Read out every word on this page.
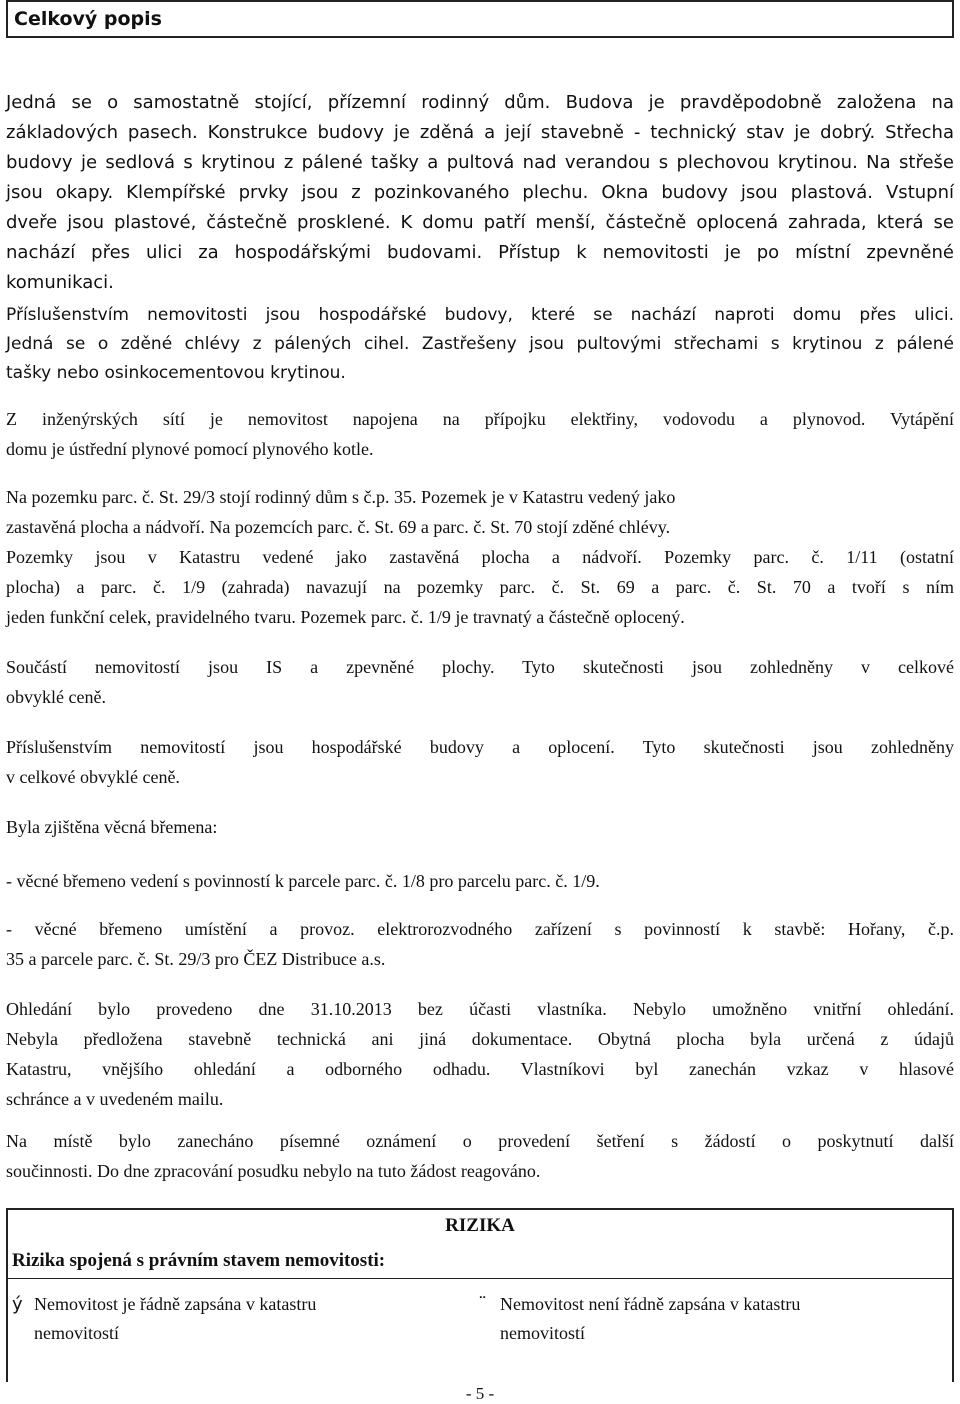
Celkový popis
Jedná se o samostatně stojící, přízemní rodinný dům. Budova je pravděpodobně založena na
základových pasech. Konstrukce budovy je zděná a její stavebně - technický stav je dobrý. Střecha
budovy je sedlová s krytinou z pálené tašky a pultová nad verandou s plechovou krytinou. Na střeše
jsou okapy. Klempířské prvky jsou z pozinkovaného plechu. Okna budovy jsou plastová. Vstupní
dveře jsou plastové, částečně prosklené. K domu patří menší, částečně oplocená zahrada, která se
nachází přes ulici za hospodářskými budovami. Přístup k nemovitosti je po místní zpevněné
komunikaci.
Příslušenstvím nemovitosti jsou hospodářské budovy, které se nachází naproti domu přes ulici.
Jedná se o zděné chlévy z pálených cihel. Zastřešeny jsou pultovými střechami s krytinou z pálené
tašky nebo osinkocementovou krytinou.
Z inženýrských sítí je nemovitost napojena na přípojku elektřiny, vodovodu a plynovod. Vytápění
domu je ústřední plynové pomocí plynového kotle.
Na pozemku parc. č. St. 29/3 stojí rodinný dům s č.p. 35. Pozemek je v Katastru vedený jako
zastavěná plocha a nádvoří. Na pozemcích parc. č. St. 69 a parc. č. St. 70 stojí zděné chlévy.
Pozemky jsou v Katastru vedené jako zastavěná plocha a nádvoří. Pozemky parc. č. 1/11 (ostatní
plocha) a parc. č. 1/9 (zahrada) navazují na pozemky parc. č. St. 69 a parc. č. St. 70 a tvoří s ním
jeden funkční celek, pravidelného tvaru. Pozemek parc. č. 1/9 je travnatý a částečně oplocený.
Součástí nemovitostí jsou IS a zpevněné plochy. Tyto skutečnosti jsou zohledněny v celkové
obvyklé ceně.
Příslušenstvím nemovitostí jsou hospodářské budovy a oplocení. Tyto skutečnosti jsou zohledněny
v celkové obvyklé ceně.
Byla zjištěna věcná břemena:
- věcné břemeno vedení s povinností k parcele parc. č. 1/8 pro parcelu parc. č. 1/9.
- věcné břemeno umístění a provoz. elektrorozvodného zařízení s povinností k stavbě: Hořany, č.p.
35 a parcele parc. č. St. 29/3 pro ČEZ Distribuce a.s.
Ohledání bylo provedeno dne 31.10.2013 bez účasti vlastníka. Nebylo umožněno vnitřní ohledání.
Nebyla předložena stavebně technická ani jiná dokumentace. Obytná plocha byla určená z údajů
Katastru, vnějšího ohledání a odborného odhadu. Vlastníkovi byl zanechán vzkaz v hlasové
schránce a v uvedeném mailu.
Na místě bylo zanecháno písemné oznámení o provedení šetření s žádostí o poskytnutí další
součinnosti. Do dne zpracování posudku nebylo na tuto žádost reagováno.
RIZIKA
Rizika spojená s právním stavem nemovitosti:
ý Nemovitost je řádně zapsána v katastru
nemovitostí
¨ Nemovitost není řádně zapsána v katastru
nemovitostí
- 5 -
